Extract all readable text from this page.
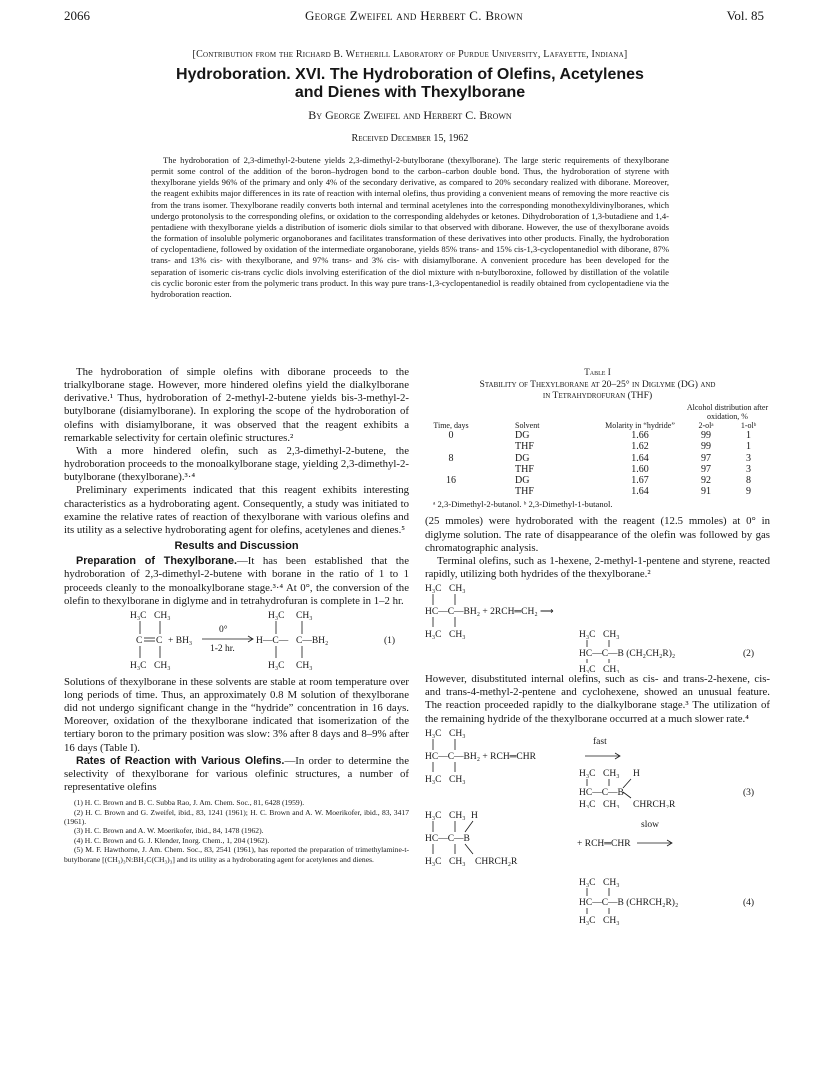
2066	George Zweifel and Herbert C. Brown	Vol. 85
[Contribution from the Richard B. Wetherill Laboratory of Purdue University, Lafayette, Indiana]
Hydroboration. XVI. The Hydroboration of Olefins, Acetylenes
and Dienes with Thexylborane
By George Zweifel and Herbert C. Brown
Received December 15, 1962

The hydroboration of 2,3-dimethyl-2-butene yields 2,3-dimethyl-2-butylborane (thexylborane). The large steric requirements of thexylborane permit some control of the addition of the boron–hydrogen bond to the carbon–carbon double bond. Thus, the hydroboration of styrene with thexylborane yields 96% of the primary and only 4% of the secondary derivative, as compared to 20% secondary realized with diborane. Moreover, the reagent exhibits major differences in its rate of reaction with internal olefins, thus providing a convenient means of removing the more reactive cis from the trans isomer. Thexylborane readily converts both internal and terminal acetylenes into the corresponding monothexyldivinylboranes, which undergo protonolysis to the corresponding olefins, or oxidation to the corresponding aldehydes or ketones. Dihydroboration of 1,3-butadiene and 1,4-pentadiene with thexylborane yields a distribution of isomeric diols similar to that observed with diborane. However, the use of thexylborane avoids the formation of insoluble polymeric organoboranes and facilitates transformation of these derivatives into other products. Finally, the hydroboration of cyclopentadiene, followed by oxidation of the intermediate organoborane, yields 85% trans- and 15% cis-1,3-cyclopentanediol with diborane, 87% trans- and 13% cis- with thexylborane, and 97% trans- and 3% cis- with disiamylborane. A convenient procedure has been developed for the separation of isomeric cis-trans cyclic diols involving esterification of the diol mixture with n-butylboroxine, followed by distillation of the volatile cis cyclic boronic ester from the polymeric trans product. In this way pure trans-1,3-cyclopentanediol is readily obtained from cyclopentadiene via the hydroboration reaction.

The hydroboration of simple olefins with diborane proceeds to the trialkylborane stage. However, more hindered olefins yield the dialkylborane derivative.¹ Thus, hydroboration of 2-methyl-2-butene yields bis-3-methyl-2-butylborane (disiamylborane). In exploring the scope of the hydroboration of olefins with disiamylborane, it was observed that the reagent exhibits a remarkable selectivity for certain olefinic structures.²

With a more hindered olefin, such as 2,3-dimethyl-2-butene, the hydroboration proceeds to the monoalkylborane stage, yielding 2,3-dimethyl-2-butylborane (thexylborane).³·⁴

Preliminary experiments indicated that this reagent exhibits interesting characteristics as a hydroborating agent. Consequently, a study was initiated to examine the relative rates of reaction of thexylborane with various olefins and its utility as a selective hydroborating agent for olefins, acetylenes and dienes.⁵

Results and Discussion

Preparation of Thexylborane.—It has been established that the hydroboration of 2,3-dimethyl-2-butene with borane in the ratio of 1 to 1 proceeds cleanly to the monoalkylborane stage.³·⁴ At 0°, the conversion of the olefin to thexylborane in diglyme and in tetrahydrofuran is complete in 1–2 hr.

H₃C CH₃
C C + BH₃
H₃C CH₃
0°
1-2 hr.
H₃C CH₃
H—C— C—BH₂
H₃C CH₃
(1)

Solutions of thexylborane in these solvents are stable at room temperature over long periods of time. Thus, an approximately 0.8 M solution of thexylborane did not undergo significant change in the “hydride” concentration in 16 days. Moreover, oxidation of the thexylborane indicated that isomerization of the tertiary boron to the primary position was slow: 3% after 8 days and 8–9% after 16 days (Table I).

Rates of Reaction with Various Olefins.—In order to determine the selectivity of thexylborane for various olefinic structures, a number of representative olefins

(1) H. C. Brown and B. C. Subba Rao, J. Am. Chem. Soc., 81, 6428 (1959).

(2) H. C. Brown and G. Zweifel, ibid., 83, 1241 (1961); H. C. Brown and A. W. Moerikofer, ibid., 83, 3417 (1961).

(3) H. C. Brown and A. W. Moerikofer, ibid., 84, 1478 (1962).

(4) H. C. Brown and G. J. Klender, Inorg. Chem., 1, 204 (1962).

(5) M. F. Hawthorne, J. Am. Chem. Soc., 83, 2541 (1961), has reported the preparation of trimethylamine-t-butylborane [(CH₃)₃N:BH₂C(CH₃)₃] and its utility as a hydroborating agent for acetylenes and dienes.

Table I
Stability of Thexylborane at 20–25° in Diglyme (DG) and
in Tetrahydrofuran (THF)
Time, days	Solvent	Molarity in “hydride”	Alcohol distribution after oxidation, %	
			2-olᵃ	1-olᵇ
0	DG	1.66	99	1
	THF	1.62	99	1
8	DG	1.64	97	3
	THF	1.60	97	3
16	DG	1.67	92	8
	THF	1.64	91	9
ᵃ 2,3-Dimethyl-2-butanol. ᵇ 2,3-Dimethyl-1-butanol.

(25 mmoles) were hydroborated with the reagent (12.5 mmoles) at 0° in diglyme solution. The rate of disappearance of the olefin was followed by gas chromatographic analysis.

Terminal olefins, such as 1-hexene, 2-methyl-1-pentene and styrene, reacted rapidly, utilizing both hydrides of the thexylborane.²

H₃C CH₃
HC—C—BH₂ + 2RCH═CH₂ ⟶
H₃C CH₃	H₃C CH₃
HC—C—B (CH₂CH₂R)₂
H₃C CH₃
(2)

However, disubstituted internal olefins, such as cis- and trans-2-hexene, cis- and trans-4-methyl-2-pentene and cyclohexene, showed an unusual feature. The reaction proceeded rapidly to the dialkylborane stage.³ The utilization of the remaining hydride of the thexylborane occurred at a much slower rate.⁴

H₃C CH₃
fast
HC—C—BH₂ + RCH═CHR
H₃C CH₃
H₃C CH₃ H
HC—C—B
H₃C CH₃ CHRCH₂R
(3)
H₃C CH₃ H
HC—C—B
slow
+ RCH═CHR
H₃C CH₃ CHRCH₂R
H₃C CH₃
HC—C—B (CHRCH₂R)₂
H₃C CH₃
(4)
